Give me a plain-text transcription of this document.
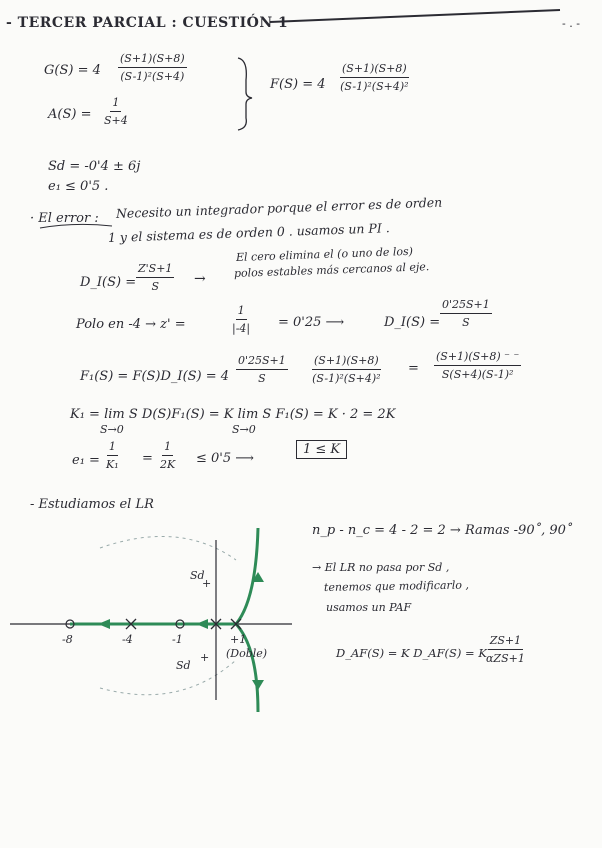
- TERCER PARCIAL : CUESTIÓN 1	- . -
$G(S) = 4 \frac{(S+1)(S+8)}{\text{(S-1)²(S+4)}}$
$A(S) = \frac{1}{S+4}$
$F(S) = 4 \frac{(S+1)(S+8)}{\text{(S-1)²(S+4)²}}$
Sd = -0'4 ± 6j
e₁ ≤ 0'5 .
· El error : Necesito un integrador porque el error es de orden
1 y el sistema es de orden 0 . usamos un PI .
D_I(S) = $\frac{Z'S+1}{S}$ →
El cero elimina el (o uno de los)
polos estables más cercanos al eje.
Polo en -4 → z' =	$\frac{1}{|-4|} = 0'25$ ⟶	D_I(S) = $\frac{0'25S+1}{S}$
F₁(S) = F(S)D_I(S) = $4 \frac{0'25S+1}{S} \frac{(S+1)(S+8)}{\text{(S-1)²(S+4)²}} = \frac{(S+1)(S+8) ^- ^-}{\text{S(S+4)(S-1)²}}$
K₁ = lim S D(S)F₁(S) = K lim S F₁(S) = K · 2 = 2K
S→0	S→0
$e_1 = \frac{1}{\text{K₁}} = \frac{1}{2K} \le 0'5$ ⟶
1 ≤ K
- Estudiamos el LR
n_p - n_c = 4 - 2 = 2 → Ramas -90˚, 90˚
→ El LR no pasa por Sd ,
tenemos que modificarlo ,
usamos un PAF
D_AF(S) = K D_AF(S) = K
ZS+1
αZS+1
-8	-4	-1	+1
(Doble)
Sd
+
Sd
+
